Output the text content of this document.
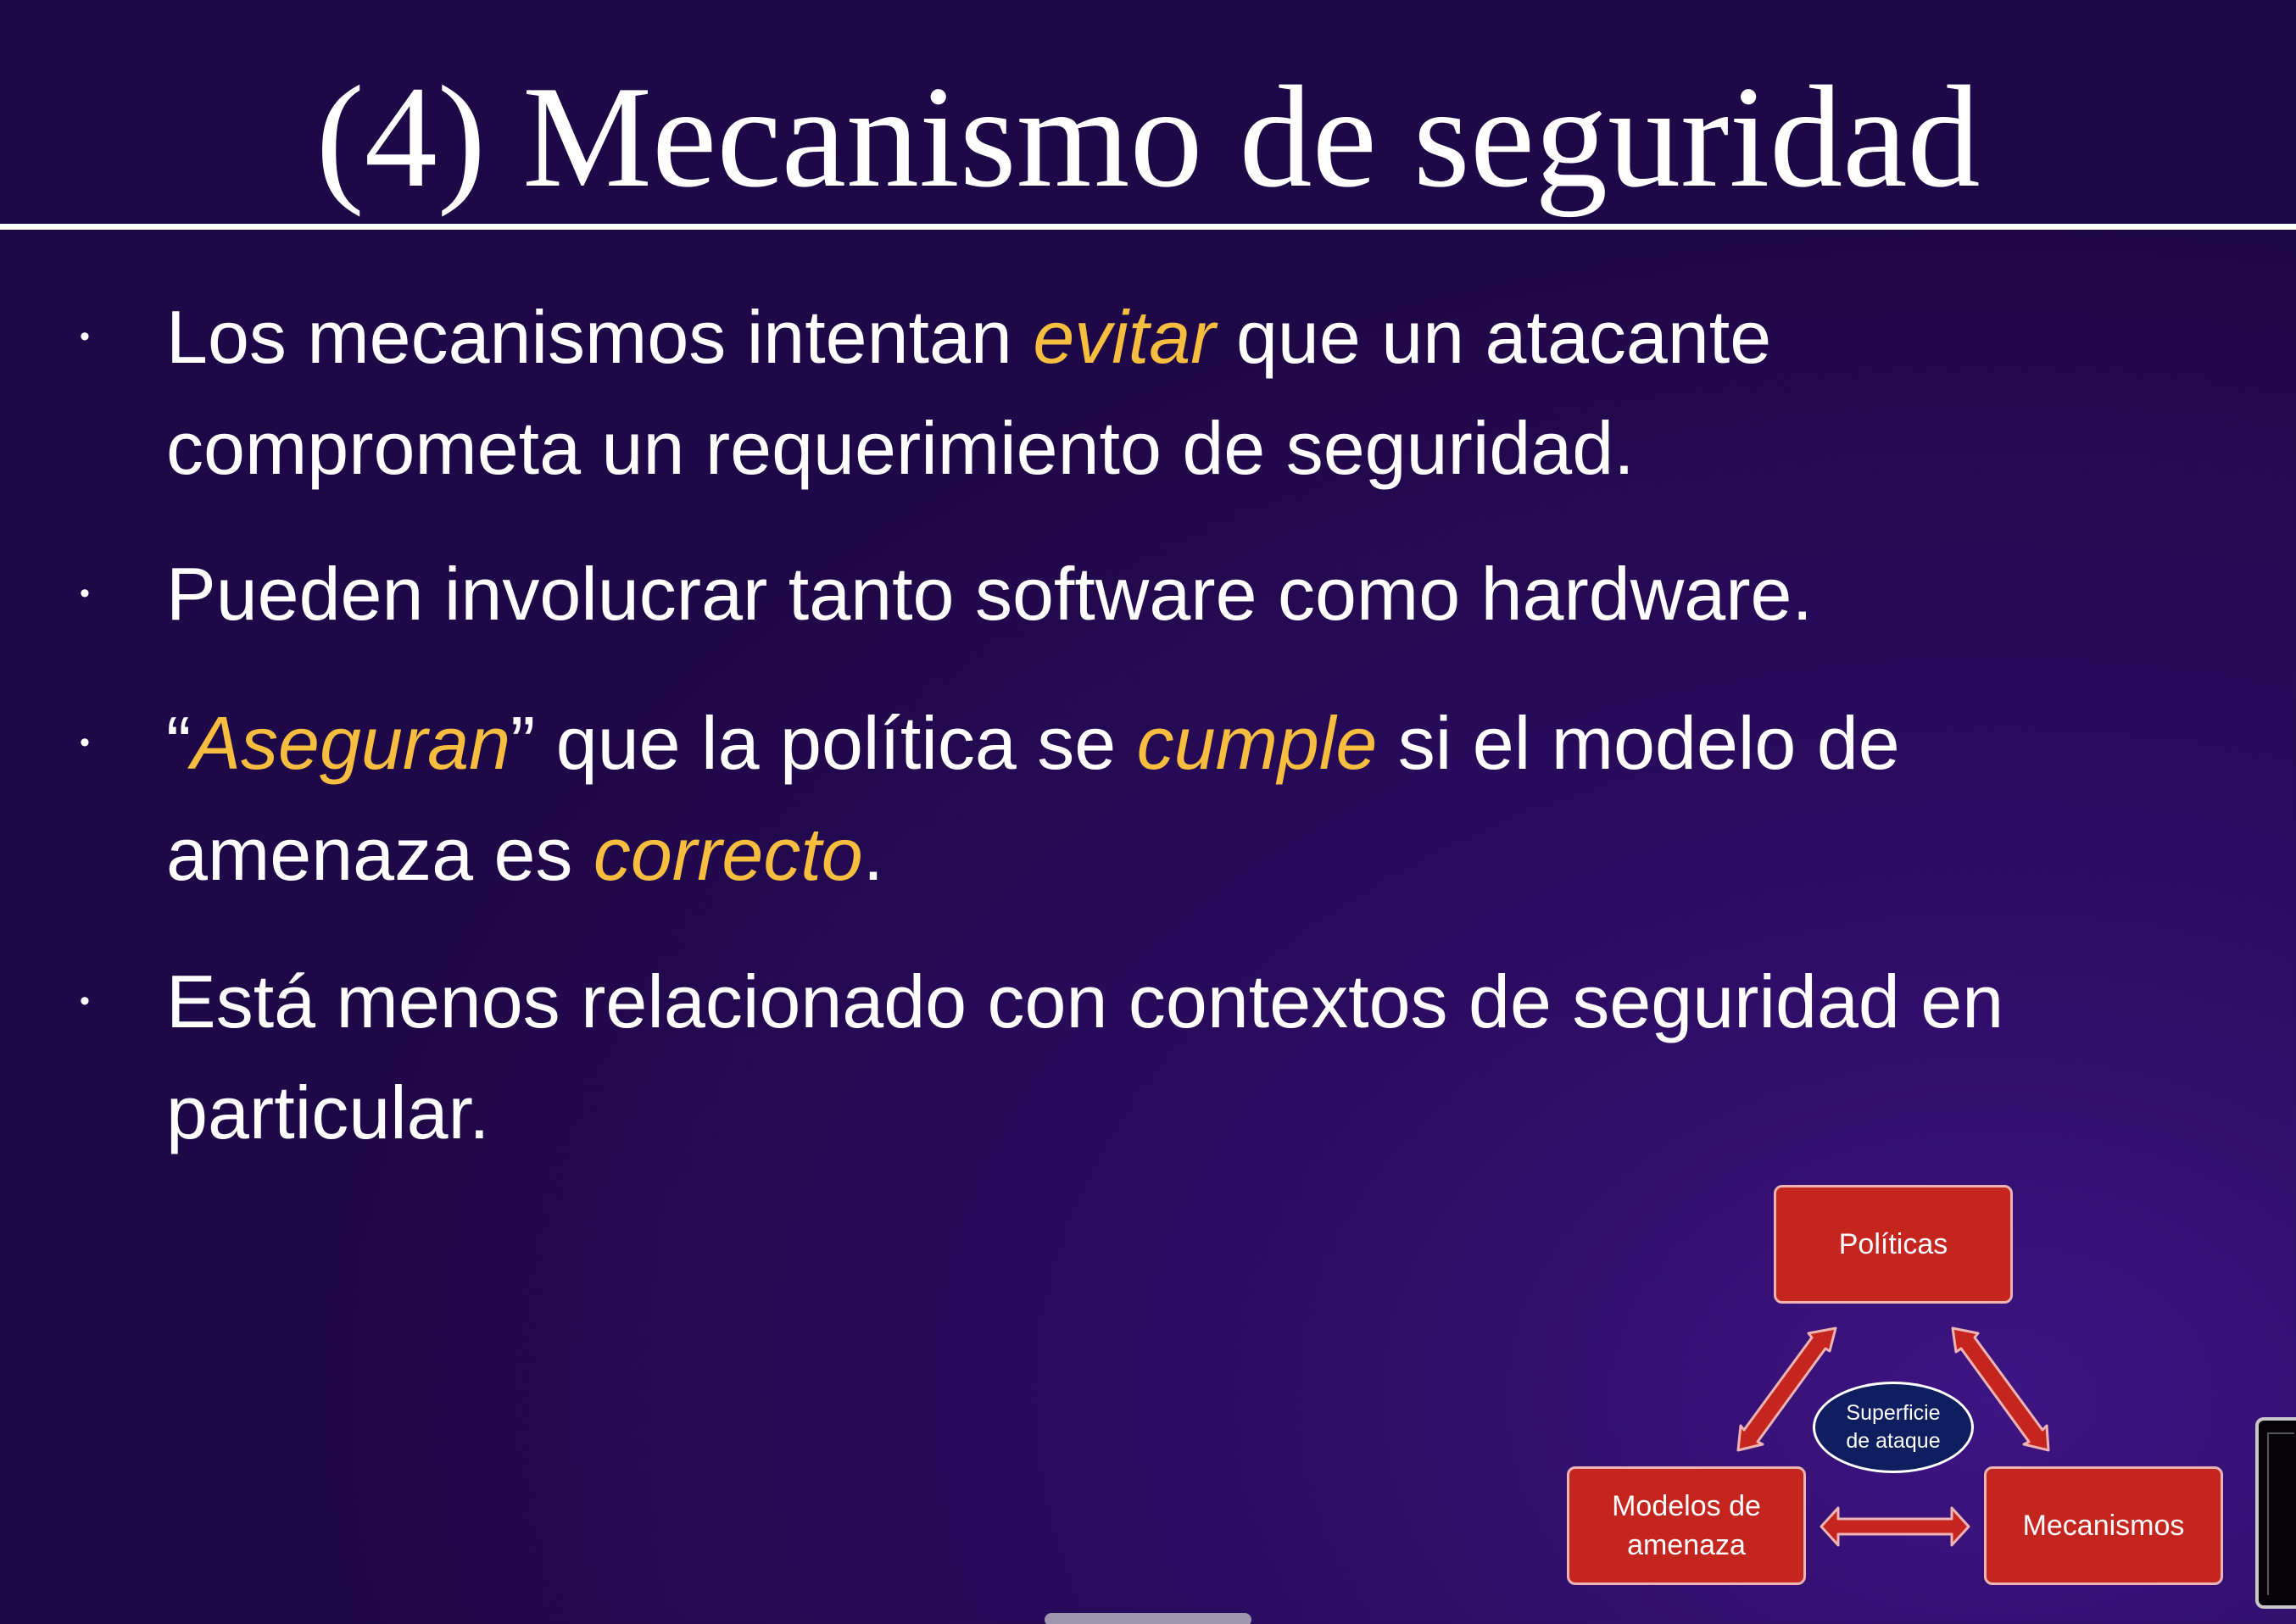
(4) Mecanismo de seguridad
• Los mecanismos intentan evitar que un atacante
comprometa un requerimiento de seguridad.
• Pueden involucrar tanto software como hardware.
• “Aseguran” que la política se cumple si el modelo de
amenaza es correcto.
• Está menos relacionado con contextos de seguridad en
particular.
Políticas
Modelos de
amenaza
Mecanismos
Superficie
de ataque
